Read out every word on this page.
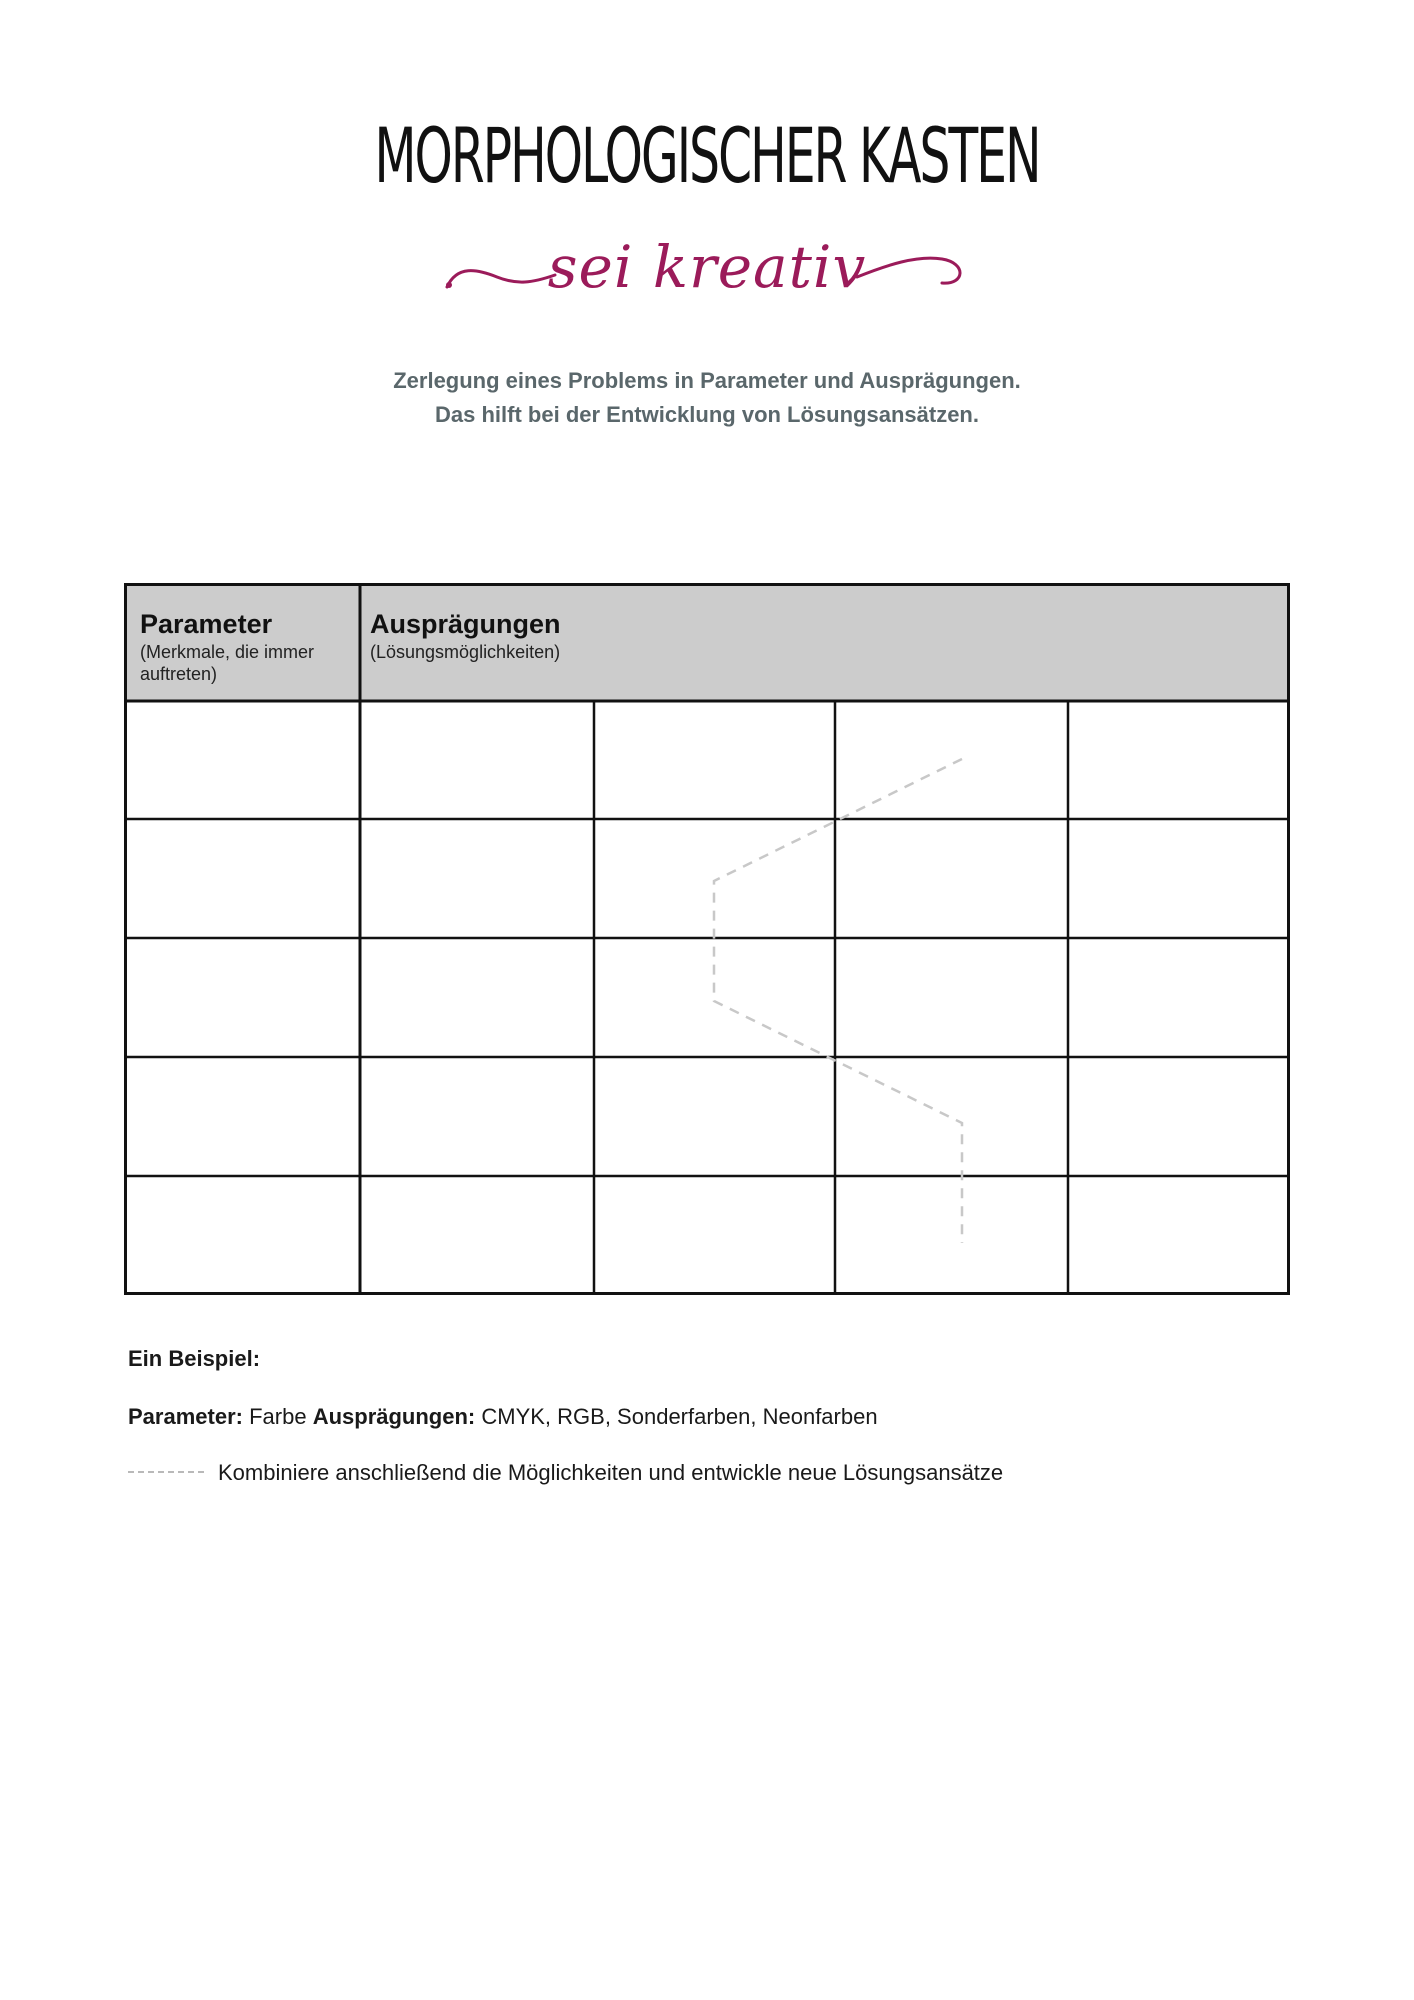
MORPHOLOGISCHER KASTEN
sei kreativ
Zerlegung eines Problems in Parameter und Ausprägungen.
Das hilft bei der Entwicklung von Lösungsansätzen.
Parameter
(Merkmale, die immer auftreten)
Ausprägungen
(Lösungsmöglichkeiten)
Ein Beispiel:
Parameter: Farbe Ausprägungen: CMYK, RGB, Sonderfarben, Neonfarben
Kombiniere anschließend die Möglichkeiten und entwickle neue Lösungsansätze
